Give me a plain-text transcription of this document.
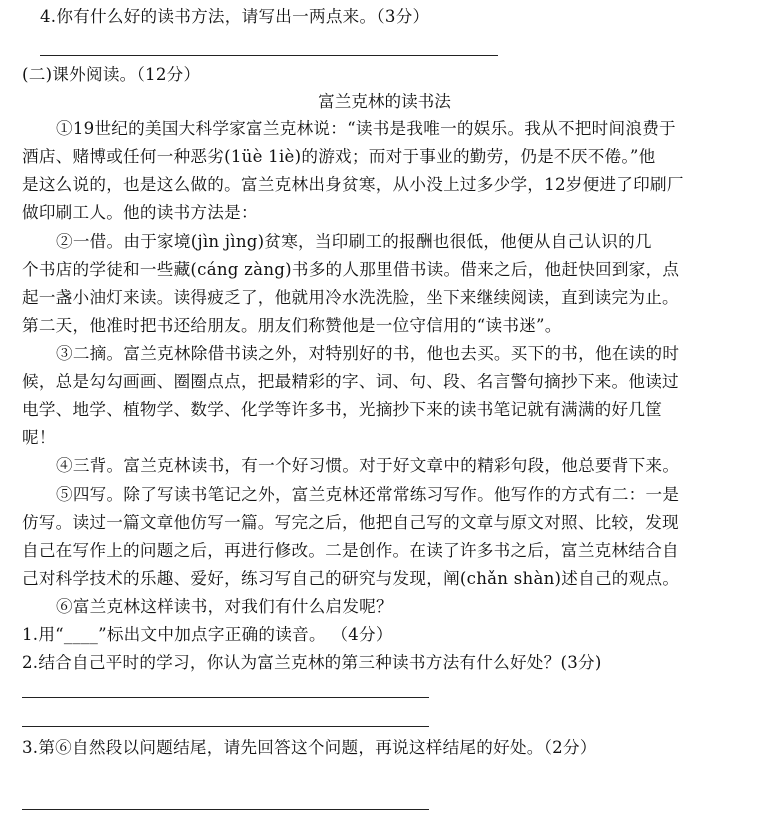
4.你有什么好的读书方法，请写出一两点来。（3分）
(二)课外阅读。（12分）
富兰克林的读书法
①19世纪的美国大科学家富兰克林说：“读书是我唯一的娱乐。我从不把时间浪费于
酒店、赌博或任何一种恶劣(1üè 1iè)的游戏；而对于事业的勤劳，仍是不厌不倦。”他
是这么说的，也是这么做的。富兰克林出身贫寒，从小没上过多少学，12岁便进了印刷厂
做印刷工人。他的读书方法是：
②一借。由于家境(jìn jìng)贫寒，当印刷工的报酬也很低，他便从自己认识的几
个书店的学徒和一些藏(cáng zàng)书多的人那里借书读。借来之后，他赶快回到家，点
起一盏小油灯来读。读得疲乏了，他就用冷水洗洗脸，坐下来继续阅读，直到读完为止。
第二天，他准时把书还给朋友。朋友们称赞他是一位守信用的“读书迷”。
③二摘。富兰克林除借书读之外，对特别好的书，他也去买。买下的书，他在读的时
候，总是勾勾画画、圈圈点点，把最精彩的字、词、句、段、名言警句摘抄下来。他读过
电学、地学、植物学、数学、化学等许多书，光摘抄下来的读书笔记就有满满的好几筐
呢！
④三背。富兰克林读书，有一个好习惯。对于好文章中的精彩句段，他总要背下来。
⑤四写。除了写读书笔记之外，富兰克林还常常练习写作。他写作的方式有二：一是
仿写。读过一篇文章他仿写一篇。写完之后，他把自己写的文章与原文对照、比较，发现
自己在写作上的问题之后，再进行修改。二是创作。在读了许多书之后，富兰克林结合自
己对科学技术的乐趣、爱好，练习写自己的研究与发现，阐(chǎn shàn)述自己的观点。
⑥富兰克林这样读书，对我们有什么启发呢？
1.用“____”标出文中加点字正确的读音。 （4分）
2.结合自己平时的学习，你认为富兰克林的第三种读书方法有什么好处？(3分)
3.第⑥自然段以问题结尾，请先回答这个问题，再说这样结尾的好处。（2分）
